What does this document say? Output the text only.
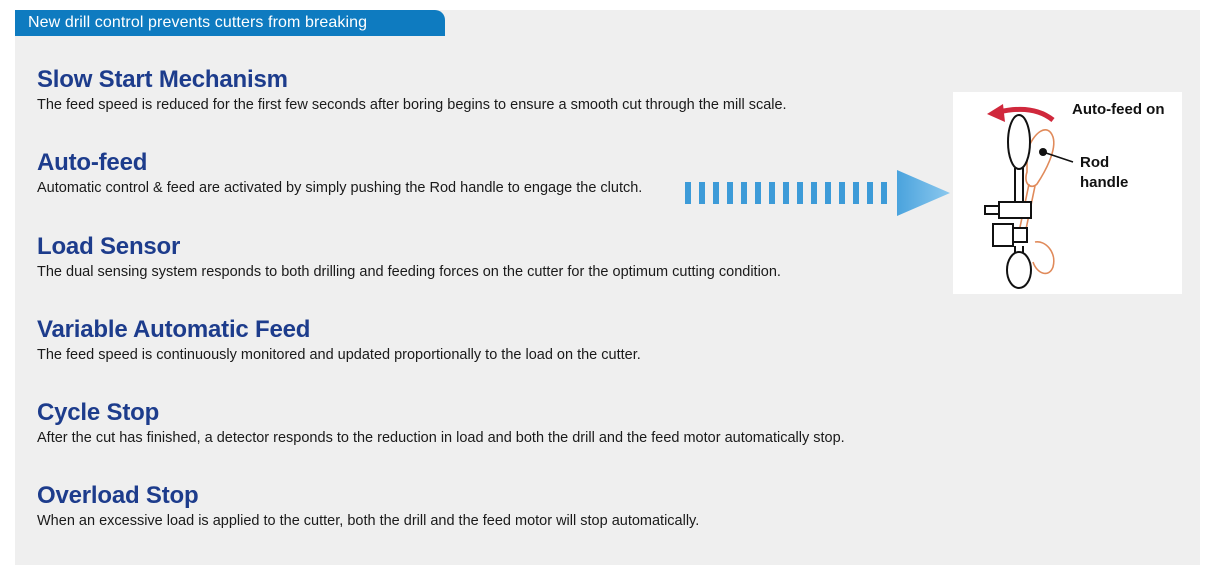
New drill control prevents cutters from breaking
Slow Start Mechanism

The feed speed is reduced for the first few seconds after boring begins to ensure a smooth cut through the mill scale.

Auto-feed

Automatic control & feed are activated by simply pushing the Rod handle to engage the clutch.

Load Sensor

The dual sensing system responds to both drilling and feeding forces on the cutter for the optimum cutting condition.

Variable Automatic Feed

The feed speed is continuously monitored and updated proportionally to the load on the cutter.

Cycle Stop

After the cut has finished, a detector responds to the reduction in load and both the drill and the feed motor automatically stop.

Overload Stop

When an excessive load is applied to the cutter, both the drill and the feed motor will stop automatically.

Auto-feed on
Rod
handle
